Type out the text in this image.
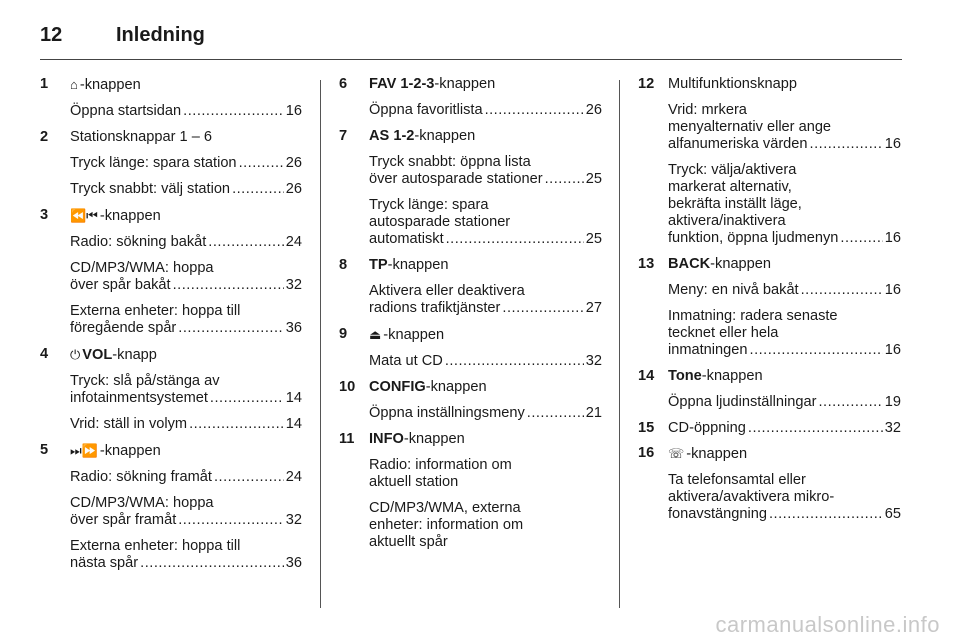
12	Inledning
1	⌂ -knappen
Öppna startsidan .....	16
2	Stationsknappar 1 – 6
Tryck länge: spara station .....	26
Tryck snabbt: välj station .....	26
3	⏪⏮ -knappen
Radio: sökning bakåt .....	24
CD/MP3/WMA: hoppa
över spår bakåt .....	32
Externa enheter: hoppa till
föregående spår .....	36
4	⏻ VOL-knapp
Tryck: slå på/stänga av
infotainmentsystemet .....	14
Vrid: ställ in volym .....	14
5	⏭⏩ -knappen
Radio: sökning framåt .....	24
CD/MP3/WMA: hoppa
över spår framåt .....	32
Externa enheter: hoppa till
nästa spår .....	36
6	FAV 1-2-3-knappen
Öppna favoritlista .....	26
7	AS 1-2-knappen
Tryck snabbt: öppna lista
över autosparade stationer .....	25
Tryck länge: spara
autosparade stationer
automatiskt .....	25
8	TP-knappen
Aktivera eller deaktivera
radions trafiktjänster .....	27
9	⏏ -knappen
Mata ut CD .....	32
10 CONFIG-knappen
Öppna inställningsmeny .....	21
11 INFO-knappen
Radio: information om
aktuell station
CD/MP3/WMA, externa
enheter: information om
aktuellt spår
12 Multifunktionsknapp
Vrid: mrkera
menyalternativ eller ange
alfanumeriska värden .....	16
Tryck: välja/aktivera
markerat alternativ,
bekräfta inställt läge,
aktivera/inaktivera
funktion, öppna ljudmenyn .....	16
13 BACK-knappen
Meny: en nivå bakåt .....	16
Inmatning: radera senaste
tecknet eller hela
inmatningen .....	16
14 Tone-knappen
Öppna ljudinställningar .....	19
15 CD-öppning .....	32
16	☏ -knappen
Ta telefonsamtal eller
aktivera/avaktivera mikro-
fonavstängning .....	65
carmanualsonline.info
